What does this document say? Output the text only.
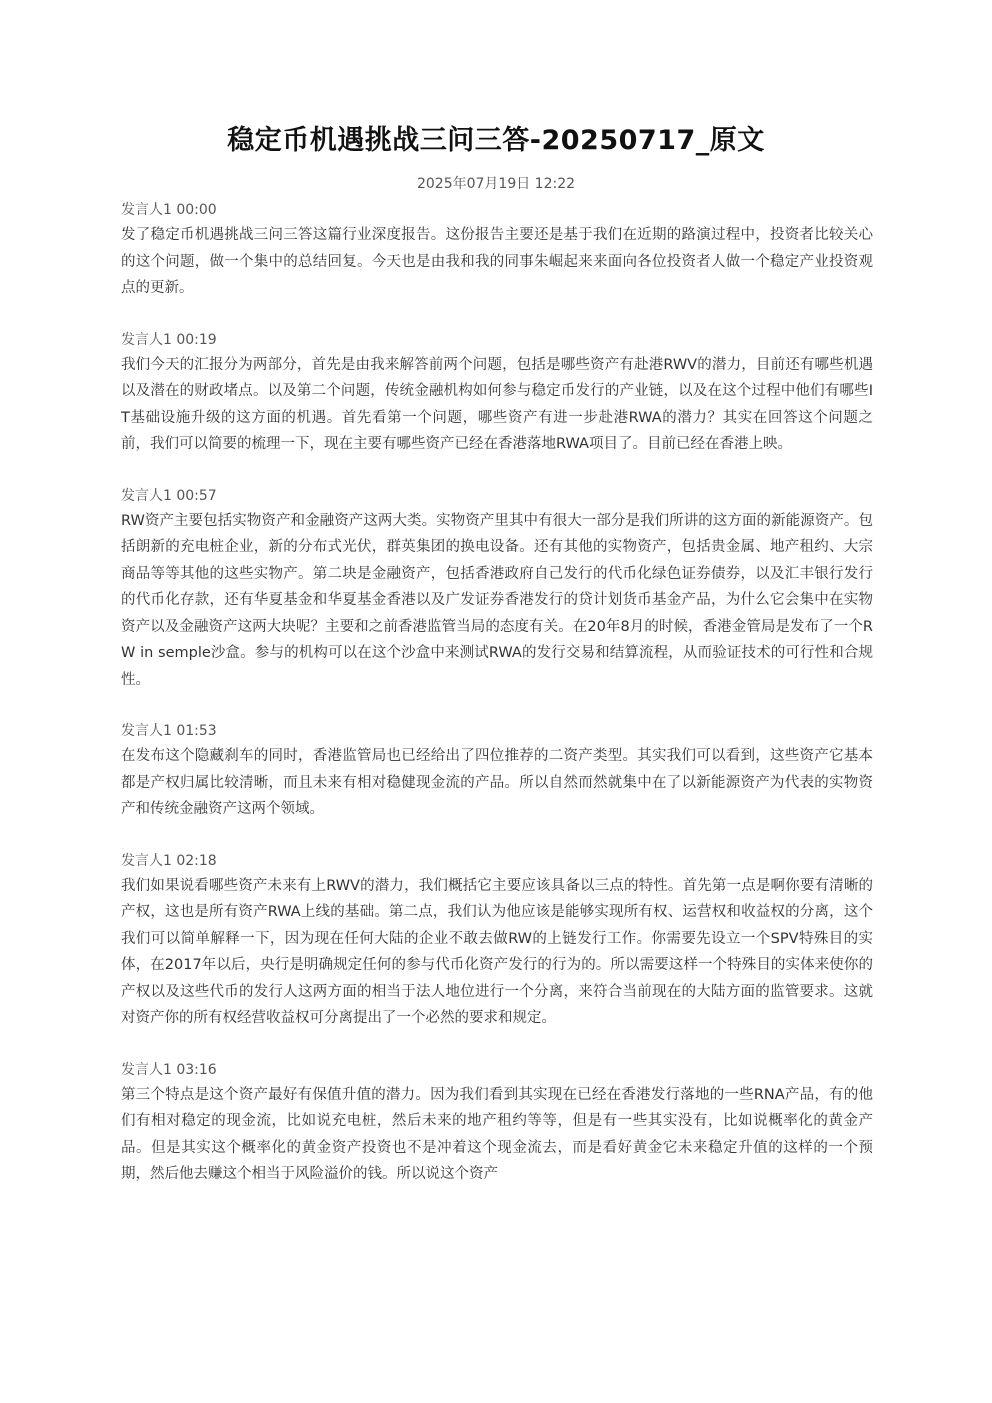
稳定币机遇挑战三问三答-20250717_原文
2025年07月19日 12:22
发言人1 00:00

发了稳定币机遇挑战三问三答这篇行业深度报告。这份报告主要还是基于我们在近期的路演过程中，投资者比较关心的这个问题，做一个集中的总结回复。今天也是由我和我的同事朱崛起来来面向各位投资者人做一个稳定产业投资观点的更新。

发言人1 00:19

我们今天的汇报分为两部分，首先是由我来解答前两个问题，包括是哪些资产有赴港RWV的潜力，目前还有哪些机遇以及潜在的财政堵点。以及第二个问题，传统金融机构如何参与稳定币发行的产业链，以及在这个过程中他们有哪些IT基础设施升级的这方面的机遇。首先看第一个问题，哪些资产有进一步赴港RWA的潜力？其实在回答这个问题之前，我们可以简要的梳理一下，现在主要有哪些资产已经在香港落地RWA项目了。目前已经在香港上映。

发言人1 00:57

RW资产主要包括实物资产和金融资产这两大类。实物资产里其中有很大一部分是我们所讲的这方面的新能源资产。包括朗新的充电桩企业，新的分布式光伏，群英集团的换电设备。还有其他的实物资产，包括贵金属、地产租约、大宗商品等等其他的这些实物产。第二块是金融资产，包括香港政府自己发行的代币化绿色证券债券，以及汇丰银行发行的代币化存款，还有华夏基金和华夏基金香港以及广发证券香港发行的贷计划货币基金产品，为什么它会集中在实物资产以及金融资产这两大块呢？主要和之前香港监管当局的态度有关。在20年8月的时候，香港金管局是发布了一个RW in semple沙盒。参与的机构可以在这个沙盒中来测试RWA的发行交易和结算流程，从而验证技术的可行性和合规性。

发言人1 01:53

在发布这个隐藏刹车的同时，香港监管局也已经给出了四位推荐的二资产类型。其实我们可以看到，这些资产它基本都是产权归属比较清晰，而且未来有相对稳健现金流的产品。所以自然而然就集中在了以新能源资产为代表的实物资产和传统金融资产这两个领域。

发言人1 02:18

我们如果说看哪些资产未来有上RWV的潜力，我们概括它主要应该具备以三点的特性。首先第一点是啊你要有清晰的产权，这也是所有资产RWA上线的基础。第二点，我们认为他应该是能够实现所有权、运营权和收益权的分离，这个我们可以简单解释一下，因为现在任何大陆的企业不敢去做RW的上链发行工作。你需要先设立一个SPV特殊目的实体，在2017年以后，央行是明确规定任何的参与代币化资产发行的行为的。所以需要这样一个特殊目的实体来使你的产权以及这些代币的发行人这两方面的相当于法人地位进行一个分离，来符合当前现在的大陆方面的监管要求。这就对资产你的所有权经营收益权可分离提出了一个必然的要求和规定。

发言人1 03:16

第三个特点是这个资产最好有保值升值的潜力。因为我们看到其实现在已经在香港发行落地的一些RNA产品，有的他们有相对稳定的现金流，比如说充电桩，然后未来的地产租约等等，但是有一些其实没有，比如说概率化的黄金产品。但是其实这个概率化的黄金资产投资也不是冲着这个现金流去，而是看好黄金它未来稳定升值的这样的一个预期，然后他去赚这个相当于风险溢价的钱。所以说这个资产
